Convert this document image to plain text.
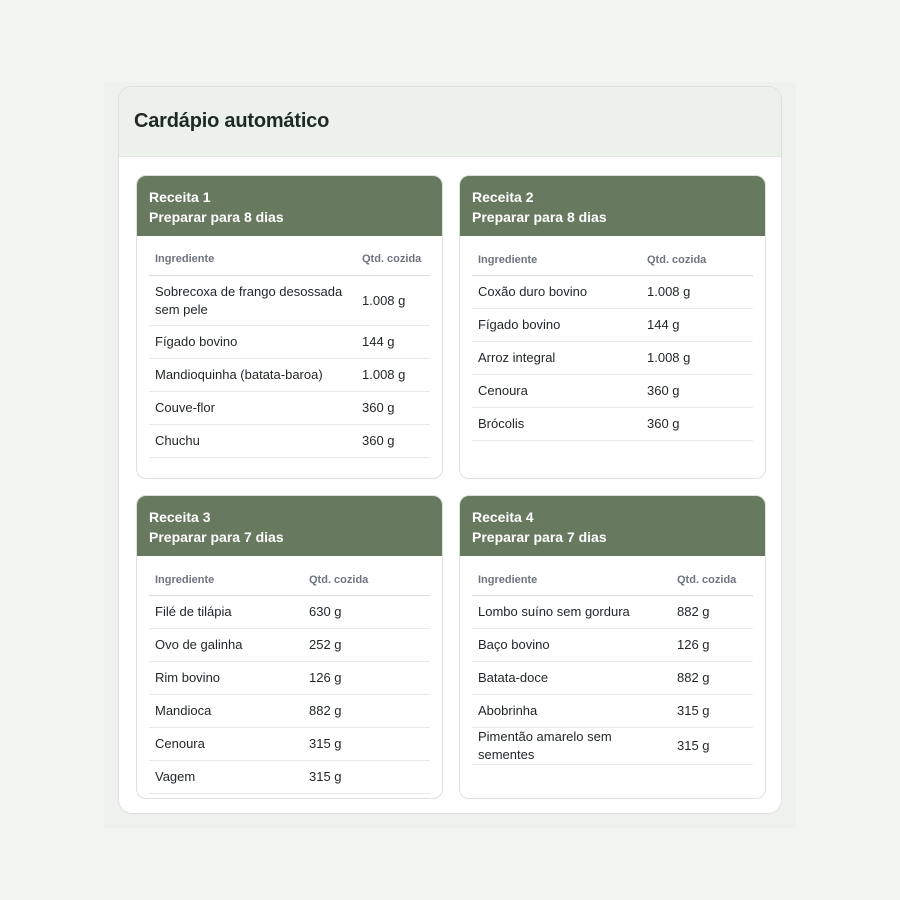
Cardápio automático
Receita 1
Preparar para 8 dias
Ingrediente	Qtd. cozida
Sobrecoxa de frango desossada sem pele	1.008 g
Fígado bovino	144 g
Mandioquinha (batata-baroa)	1.008 g
Couve-flor	360 g
Chuchu	360 g
Receita 2
Preparar para 8 dias
Ingrediente	Qtd. cozida
Coxão duro bovino	1.008 g
Fígado bovino	144 g
Arroz integral	1.008 g
Cenoura	360 g
Brócolis	360 g
Receita 3
Preparar para 7 dias
Ingrediente	Qtd. cozida
Filé de tilápia	630 g
Ovo de galinha	252 g
Rim bovino	126 g
Mandioca	882 g
Cenoura	315 g
Vagem	315 g
Receita 4
Preparar para 7 dias
Ingrediente	Qtd. cozida
Lombo suíno sem gordura	882 g
Baço bovino	126 g
Batata-doce	882 g
Abobrinha	315 g
Pimentão amarelo sem sementes	315 g
